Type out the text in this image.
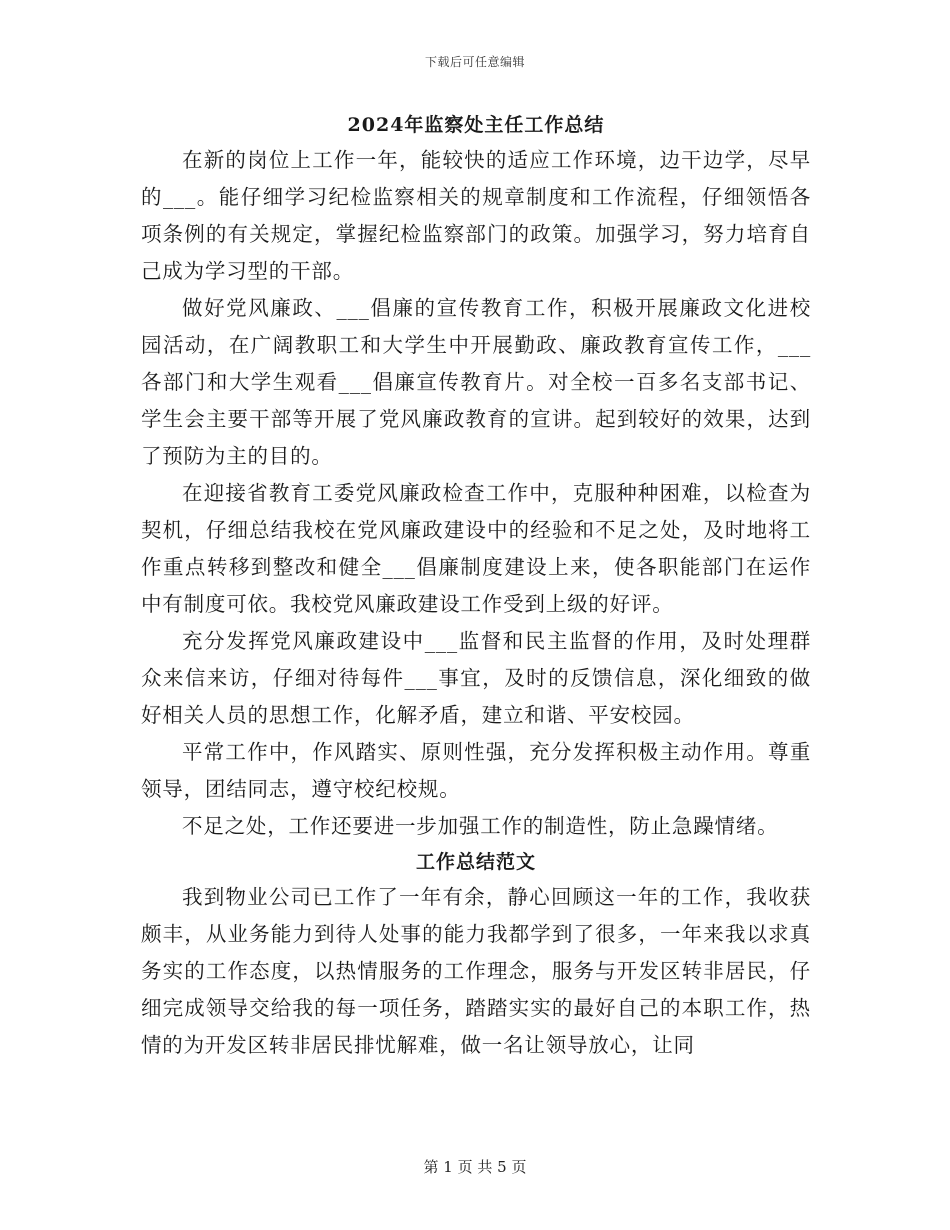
下载后可任意编辑
2024年监察处主任工作总结

在新的岗位上工作一年，能较快的适应工作环境，边干边学，尽早的___。能仔细学习纪检监察相关的规章制度和工作流程，仔细领悟各项条例的有关规定，掌握纪检监察部门的政策。加强学习，努力培育自己成为学习型的干部。

做好党风廉政、___倡廉的宣传教育工作，积极开展廉政文化进校园活动，在广阔教职工和大学生中开展勤政、廉政教育宣传工作，___各部门和大学生观看___倡廉宣传教育片。对全校一百多名支部书记、学生会主要干部等开展了党风廉政教育的宣讲。起到较好的效果，达到了预防为主的目的。

在迎接省教育工委党风廉政检查工作中，克服种种困难，以检查为契机，仔细总结我校在党风廉政建设中的经验和不足之处，及时地将工作重点转移到整改和健全___倡廉制度建设上来，使各职能部门在运作中有制度可依。我校党风廉政建设工作受到上级的好评。

充分发挥党风廉政建设中___监督和民主监督的作用，及时处理群众来信来访，仔细对待每件___事宜，及时的反馈信息，深化细致的做好相关人员的思想工作，化解矛盾，建立和谐、平安校园。

平常工作中，作风踏实、原则性强，充分发挥积极主动作用。尊重领导，团结同志，遵守校纪校规。

不足之处，工作还要进一步加强工作的制造性，防止急躁情绪。

工作总结范文

我到物业公司已工作了一年有余，静心回顾这一年的工作，我收获颇丰，从业务能力到待人处事的能力我都学到了很多，一年来我以求真务实的工作态度，以热情服务的工作理念，服务与开发区转非居民，仔细完成领导交给我的每一项任务，踏踏实实的最好自己的本职工作，热情的为开发区转非居民排忧解难，做一名让领导放心，让同

第 1 页 共 5 页
